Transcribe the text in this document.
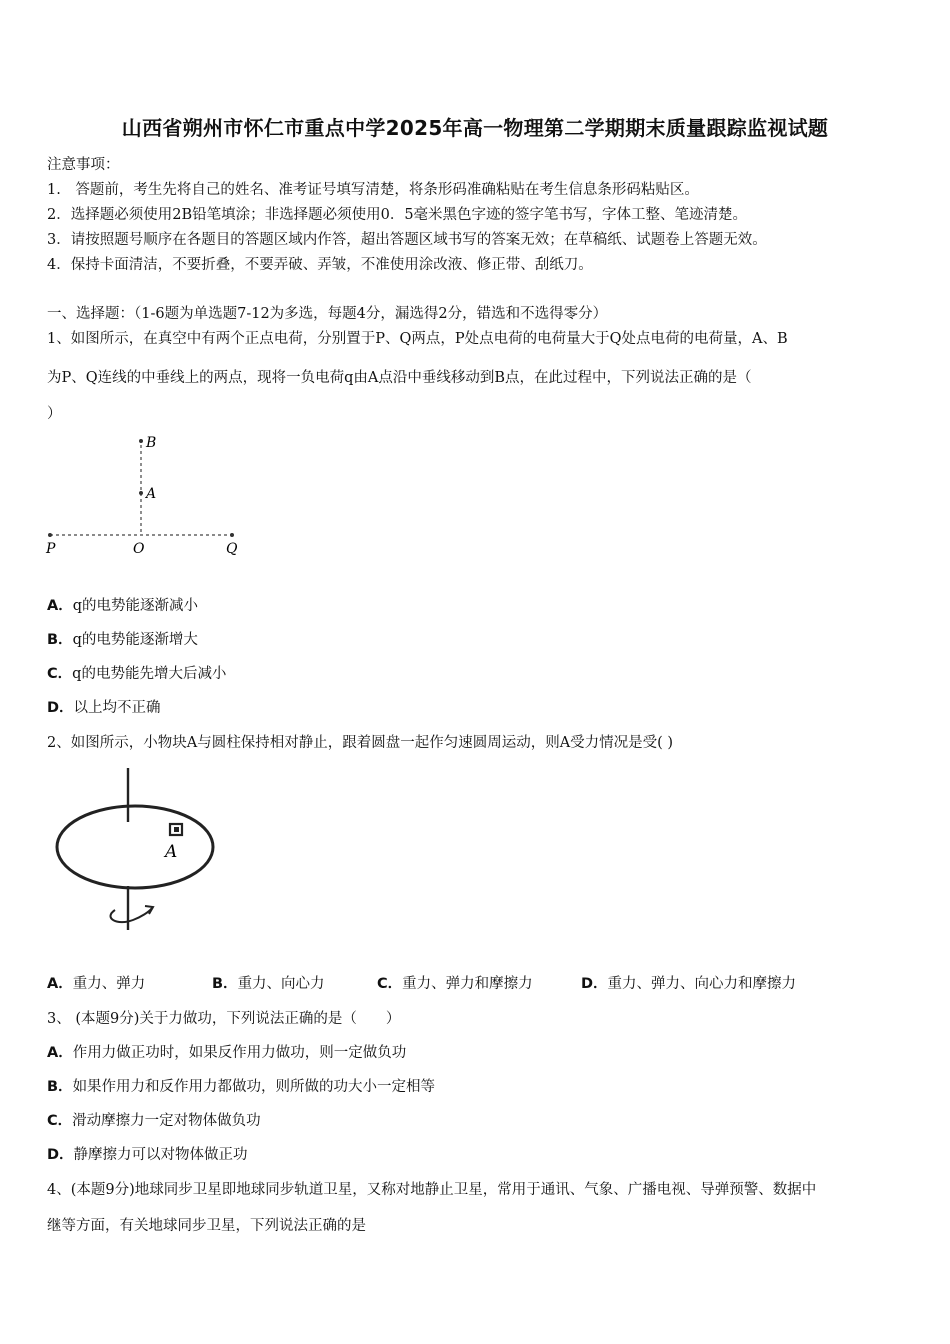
山西省朔州市怀仁市重点中学2025年高一物理第二学期期末质量跟踪监视试题
注意事项：
1.　答题前，考生先将自己的姓名、准考证号填写清楚，将条形码准确粘贴在考生信息条形码粘贴区。
2．选择题必须使用2B铅笔填涂；非选择题必须使用0．5毫米黑色字迹的签字笔书写，字体工整、笔迹清楚。
3．请按照题号顺序在各题目的答题区域内作答，超出答题区域书写的答案无效；在草稿纸、试题卷上答题无效。
4．保持卡面清洁，不要折叠，不要弄破、弄皱，不准使用涂改液、修正带、刮纸刀。
一、选择题：（1-6题为单选题7-12为多选，每题4分，漏选得2分，错选和不选得零分）
1、如图所示，在真空中有两个正点电荷，分别置于P、Q两点，P处点电荷的电荷量大于Q处点电荷的电荷量，A、B
为P、Q连线的中垂线上的两点，现将一负电荷q由A点沿中垂线移动到B点，在此过程中，下列说法正确的是（
）
B
A
P	O	Q
A．q的电势能逐渐减小
B．q的电势能逐渐增大
C．q的电势能先增大后减小
D．以上均不正确
2、如图所示，小物块A与圆柱保持相对静止，跟着圆盘一起作匀速圆周运动，则A受力情况是受( )
A
A．重力、弹力	B．重力、向心力	C．重力、弹力和摩擦力	D．重力、弹力、向心力和摩擦力
3、 (本题9分)关于力做功，下列说法正确的是（　　）
A．作用力做正功时，如果反作用力做功，则一定做负功
B．如果作用力和反作用力都做功，则所做的功大小一定相等
C．滑动摩擦力一定对物体做负功
D．静摩擦力可以对物体做正功
4、(本题9分)地球同步卫星即地球同步轨道卫星，又称对地静止卫星，常用于通讯、气象、广播电视、导弹预警、数据中
继等方面，有关地球同步卫星，下列说法正确的是
